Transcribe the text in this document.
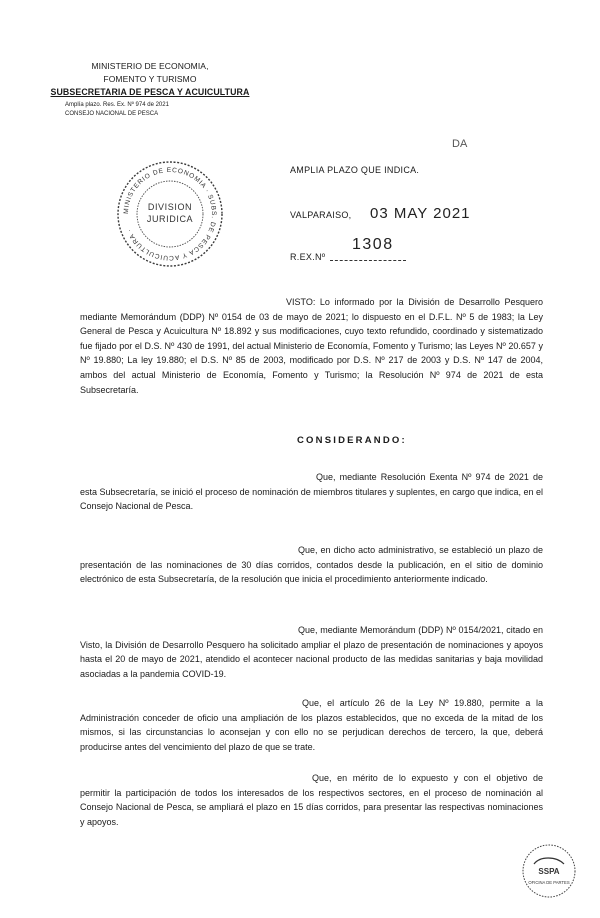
MINISTERIO DE ECONOMIA,
FOMENTO Y TURISMO
SUBSECRETARIA DE PESCA Y ACUICULTURA
Amplía plazo. Res. Ex. Nº 974 de 2021
CONSEJO NACIONAL DE PESCA
DA
MINISTERIO DE ECONOMIA · SUBS. DE PESCA Y ACUICULTURA ·
DIVISION
JURIDICA
AMPLIA PLAZO QUE INDICA.
VALPARAISO, 03 MAY 2021
R.EX.Nº
1308
VISTO: Lo informado por la División de Desarrollo Pesquero mediante Memorándum (DDP) Nº 0154 de 03 de mayo de 2021; lo dispuesto en el D.F.L. Nº 5 de 1983; la Ley General de Pesca y Acuicultura Nº 18.892 y sus modificaciones, cuyo texto refundido, coordinado y sistematizado fue fijado por el D.S. Nº 430 de 1991, del actual Ministerio de Economía, Fomento y Turismo; las Leyes Nº 20.657 y Nº 19.880; La ley 19.880; el D.S. Nº 85 de 2003, modificado por D.S. Nº 217 de 2003 y D.S. Nº 147 de 2004, ambos del actual Ministerio de Economía, Fomento y Turismo; la Resolución Nº 974 de 2021 de esta Subsecretaría.
CONSIDERANDO:
Que, mediante Resolución Exenta Nº 974 de 2021 de esta Subsecretaría, se inició el proceso de nominación de miembros titulares y suplentes, en cargo que indica, en el Consejo Nacional de Pesca.
Que, en dicho acto administrativo, se estableció un plazo de presentación de las nominaciones de 30 días corridos, contados desde la publicación, en el sitio de dominio electrónico de esta Subsecretaría, de la resolución que inicia el procedimiento anteriormente indicado.
Que, mediante Memorándum (DDP) Nº 0154/2021, citado en Visto, la División de Desarrollo Pesquero ha solicitado ampliar el plazo de presentación de nominaciones y apoyos hasta el 20 de mayo de 2021, atendido el acontecer nacional producto de las medidas sanitarias y baja movilidad asociadas a la pandemia COVID-19.
Que, el artículo 26 de la Ley Nº 19.880, permite a la Administración conceder de oficio una ampliación de los plazos establecidos, que no exceda de la mitad de los mismos, si las circunstancias lo aconsejan y con ello no se perjudican derechos de tercero, la que, deberá producirse antes del vencimiento del plazo de que se trate.
Que, en mérito de lo expuesto y con el objetivo de permitir la participación de todos los interesados de los respectivos sectores, en el proceso de nominación al Consejo Nacional de Pesca, se ampliará el plazo en 15 días corridos, para presentar las respectivas nominaciones y apoyos.
SSPA
OFICINA DE PARTES
